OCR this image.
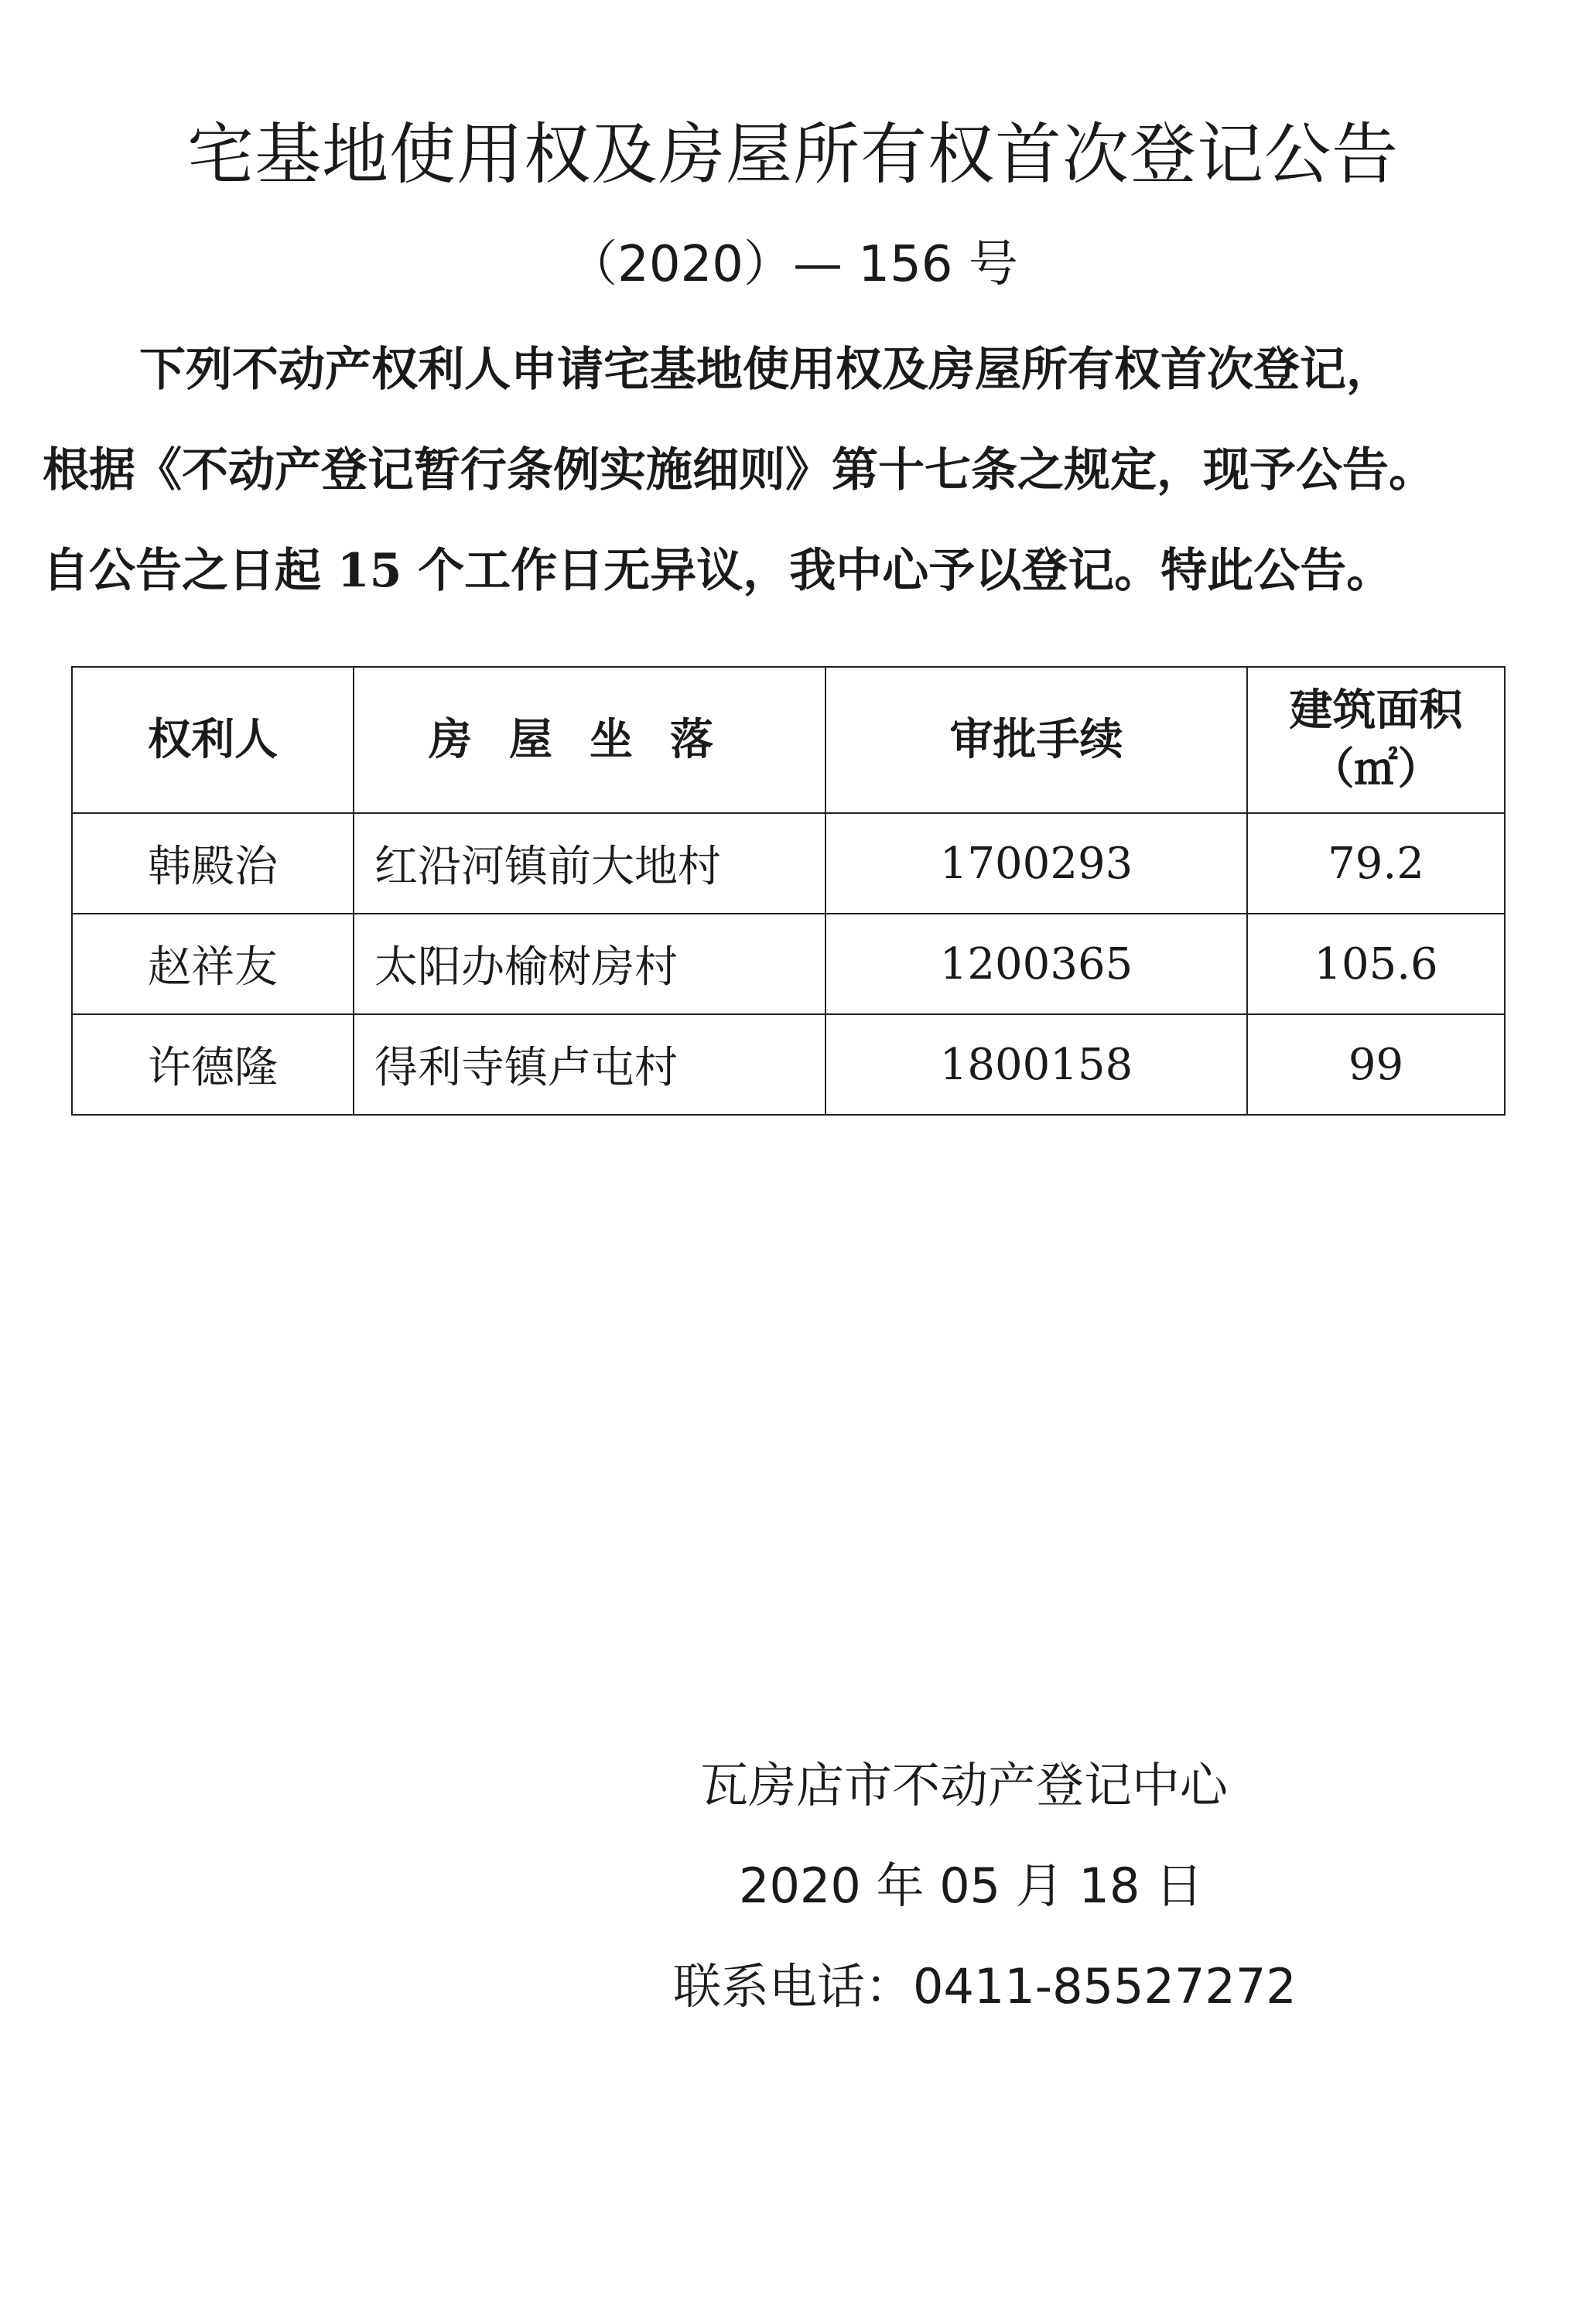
宅基地使用权及房屋所有权首次登记公告
（2020）— 156 号
下列不动产权利人申请宅基地使用权及房屋所有权首次登记，
根据《不动产登记暂行条例实施细则》第十七条之规定，现予公告。
自公告之日起 15 个工作日无异议，我中心予以登记。特此公告。
权利人	房屋坐落	审批手续	建筑面积
（㎡）

韩殿治	红沿河镇前大地村	1700293	79.2
赵祥友	太阳办榆树房村	1200365	105.6
许德隆	得利寺镇卢屯村	1800158	99
瓦房店市不动产登记中心
2020 年 05 月 18 日
联系电话：0411-85527272
